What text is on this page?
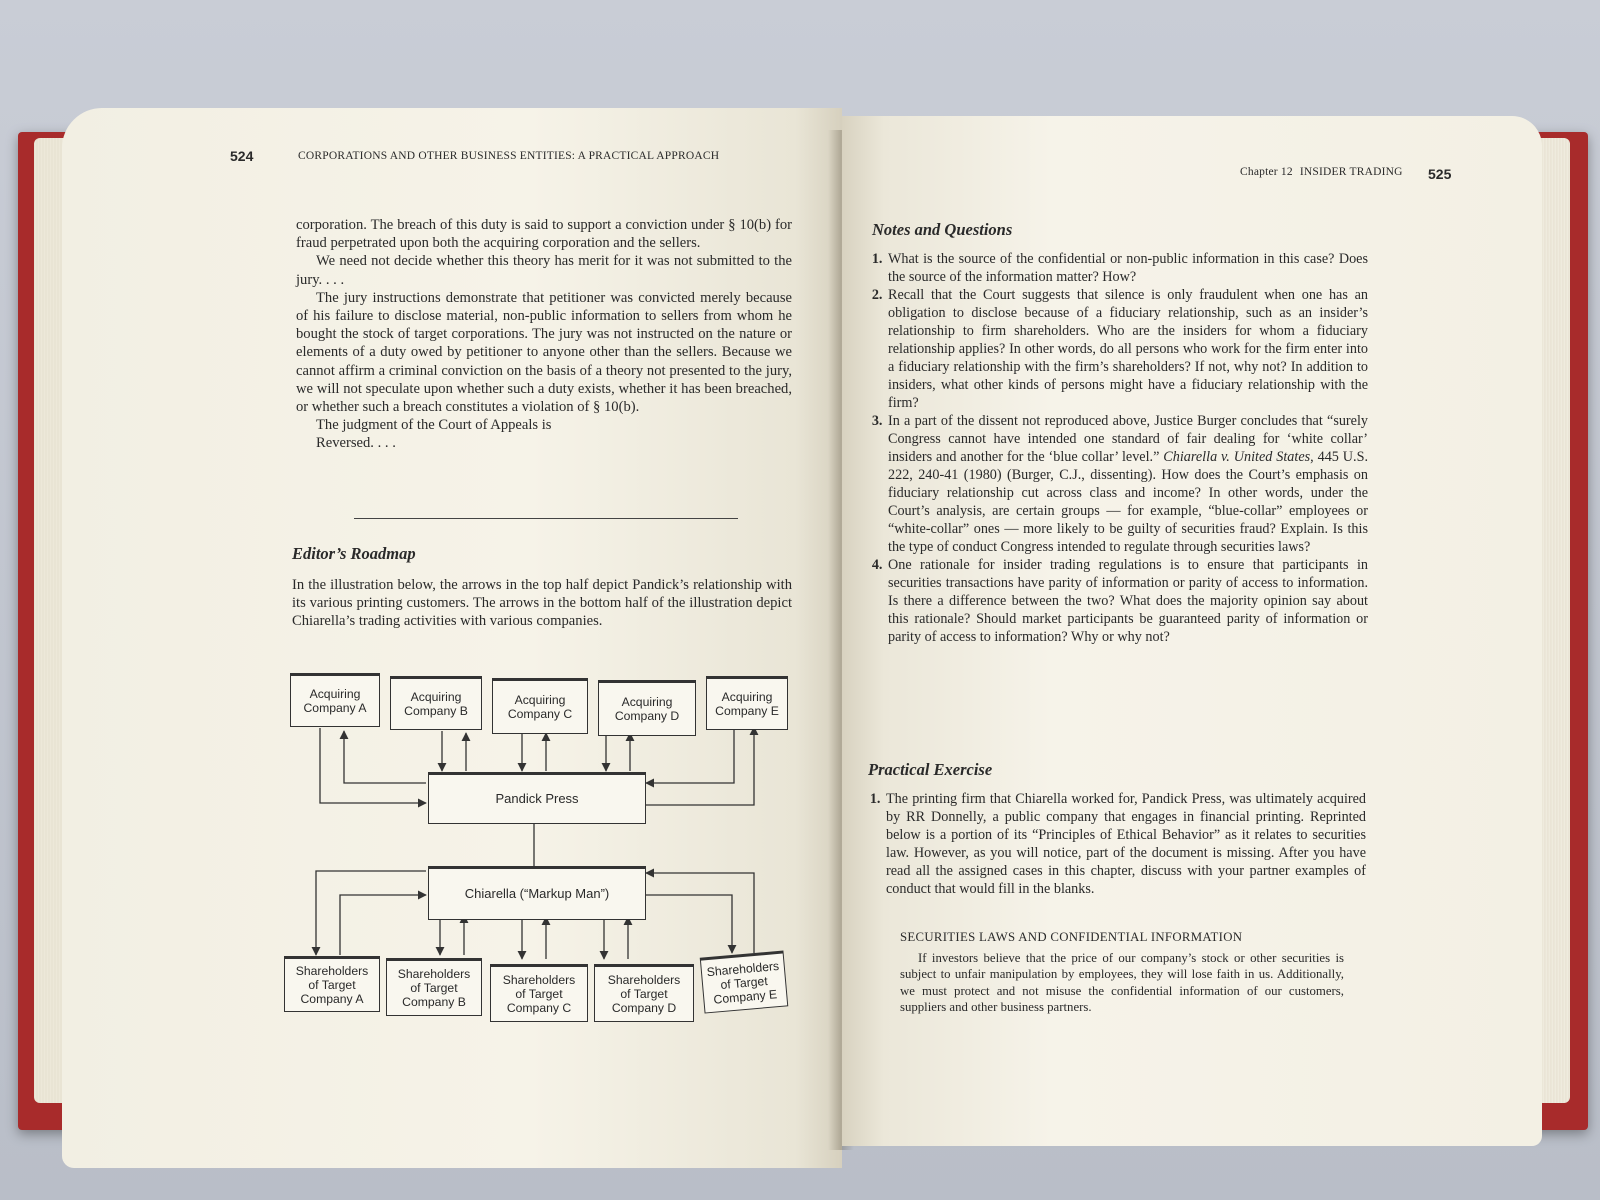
524	CORPORATIONS AND OTHER BUSINESS ENTITIES: A PRACTICAL APPROACH

corporation. The breach of this duty is said to support a conviction under § 10(b) for fraud perpetrated upon both the acquiring corporation and the sellers.

We need not decide whether this theory has merit for it was not submitted to the jury. . . .

The jury instructions demonstrate that petitioner was convicted merely because of his failure to disclose material, non-public information to sellers from whom he bought the stock of target corporations. The jury was not instructed on the nature or elements of a duty owed by petitioner to anyone other than the sellers. Because we cannot affirm a criminal conviction on the basis of a theory not presented to the jury, we will not speculate upon whether such a duty exists, whether it has been breached, or whether such a breach constitutes a violation of § 10(b).

The judgment of the Court of Appeals is

Reversed. . . .

Editor’s Roadmap

In the illustration below, the arrows in the top half depict Pandick’s relationship with its various printing customers. The arrows in the bottom half of the illustration depict Chiarella’s trading activities with various companies.

Acquiring
Company A
Acquiring
Company B
Acquiring
Company C
Acquiring
Company D
Acquiring
Company E
Pandick Press
Chiarella (“Markup Man”)
Shareholders
of Target
Company A
Shareholders
of Target
Company B
Shareholders
of Target
Company C
Shareholders
of Target
Company D
Shareholders
of Target
Company E
Chapter 12 INSIDER TRADING 525
Notes and Questions
1. What is the source of the confidential or non-public information in this case? Does the source of the information matter? How?
2. Recall that the Court suggests that silence is only fraudulent when one has an obligation to disclose because of a fiduciary relationship, such as an insider’s relationship to firm shareholders. Who are the insiders for whom a fiduciary relationship applies? In other words, do all persons who work for the firm enter into a fiduciary relationship with the firm’s shareholders? If not, why not? In addition to insiders, what other kinds of persons might have a fiduciary relationship with the firm?
3. In a part of the dissent not reproduced above, Justice Burger concludes that “surely Congress cannot have intended one standard of fair dealing for ‘white collar’ insiders and another for the ‘blue collar’ level.” Chiarella v. United States, 445 U.S. 222, 240-41 (1980) (Burger, C.J., dissenting). How does the Court’s emphasis on fiduciary relationship cut across class and income? In other words, under the Court’s analysis, are certain groups — for example, “blue-collar” employees or “white-collar” ones — more likely to be guilty of securities fraud? Explain. Is this the type of conduct Congress intended to regulate through securities laws?
4. One rationale for insider trading regulations is to ensure that participants in securities transactions have parity of information or parity of access to information. Is there a difference between the two? What does the majority opinion say about this rationale? Should market participants be guaranteed parity of information or parity of access to information? Why or why not?
Practical Exercise
1. The printing firm that Chiarella worked for, Pandick Press, was ultimately acquired by RR Donnelly, a public company that engages in financial printing. Reprinted below is a portion of its “Principles of Ethical Behavior” as it relates to securities law. However, as you will notice, part of the document is missing. After you have read all the assigned cases in this chapter, discuss with your partner examples of conduct that would fill in the blanks.
SECURITIES LAWS AND CONFIDENTIAL INFORMATION
If investors believe that the price of our company’s stock or other securities is subject to unfair manipulation by employees, they will lose faith in us. Additionally, we must protect and not misuse the confidential information of our customers, suppliers and other business partners.
